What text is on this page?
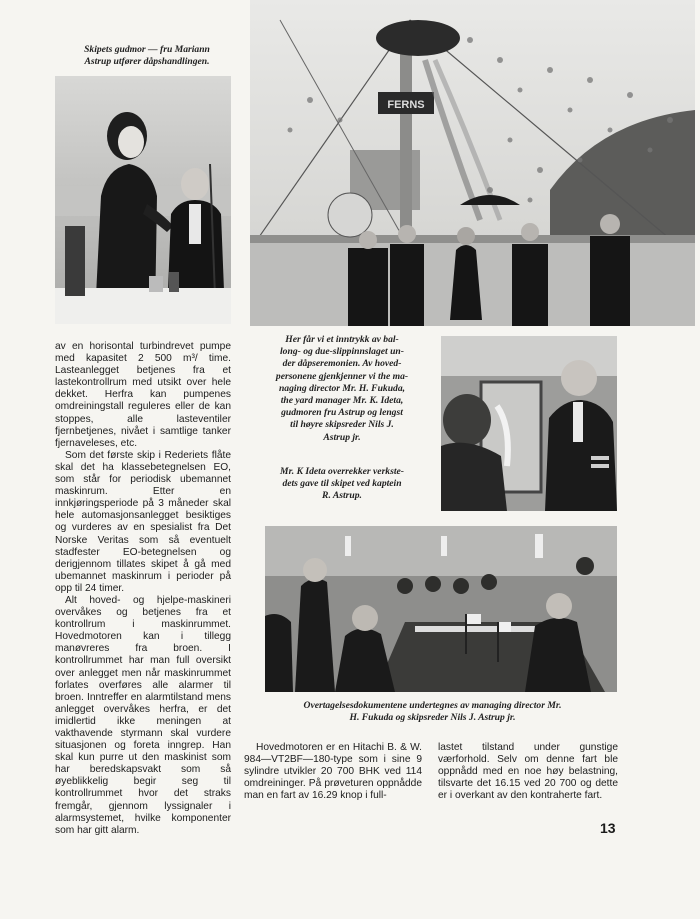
Skipets gudmor — fru Mariann
Astrup utfører dåpshandlingen.
FERNS
Her får vi et inntrykk av bal-
long- og due-slippinnslaget un-
der dåpseremonien. Av hoved-
personene gjenkjenner vi the ma-
naging director Mr. H. Fukuda,
the yard manager Mr. K. Ideta,
gudmoren fru Astrup og lengst
til høyre skipsreder Nils J.
Astrup jr.
Mr. K Ideta overrekker verkste-
dets gave til skipet ved kaptein
R. Astrup.
Overtagelsesdokumentene undertegnes av managing director Mr.
H. Fukuda og skipsreder Nils J. Astrup jr.

av en horisontal turbindrevet pumpe med kapasitet 2 500 m³/ time. Lasteanlegget betjenes fra et lastekontrollrum med utsikt over hele dekket. Herfra kan pumpenes omdreiningstall reguleres eller de kan stoppes, alle lasteventiler fjernbetjenes, nivået i samtlige tanker fjernaveleses, etc.

Som det første skip i Rederiets flåte skal det ha klassebetegnelsen EO, som står for periodisk ubemannet maskinrum. Etter en innkjøringsperiode på 3 måneder skal hele automasjonsanlegget besiktiges og vurderes av en spesialist fra Det Norske Veritas som så eventuelt stadfester EO-betegnelsen og derigjennom tillates skipet å gå med ubemannet maskinrum i perioder på opp til 24 timer.

Alt hoved- og hjelpe-maskineri overvåkes og betjenes fra et kontrollrum i maskinrummet. Hovedmotoren kan i tillegg manøvreres fra broen. I kontrollrummet har man full oversikt over anlegget men når maskinrummet forlates overføres alle alarmer til broen. Inntreffer en alarmtilstand mens anlegget overvåkes herfra, er det imidlertid ikke meningen at vakthavende styrmann skal vurdere situasjonen og foreta inngrep. Han skal kun purre ut den maskinist som har beredskapsvakt som så øyeblikkelig begir seg til kontrollrummet hvor det straks fremgår, gjennom lyssignaler i alarmsystemet, hvilke komponenter som har gitt alarm.

Hovedmotoren er en Hitachi B. & W. 984—VT2BF—180-type som i sine 9 sylindre utvikler 20 700 BHK ved 114 omdreininger. På prøveturen oppnådde man en fart av 16.29 knop i full-

lastet tilstand under gunstige værforhold. Selv om denne fart ble oppnådd med en noe høy belastning, tilsvarte det 16.15 ved 20 700 og dette er i overkant av den kontraherte fart.

13
